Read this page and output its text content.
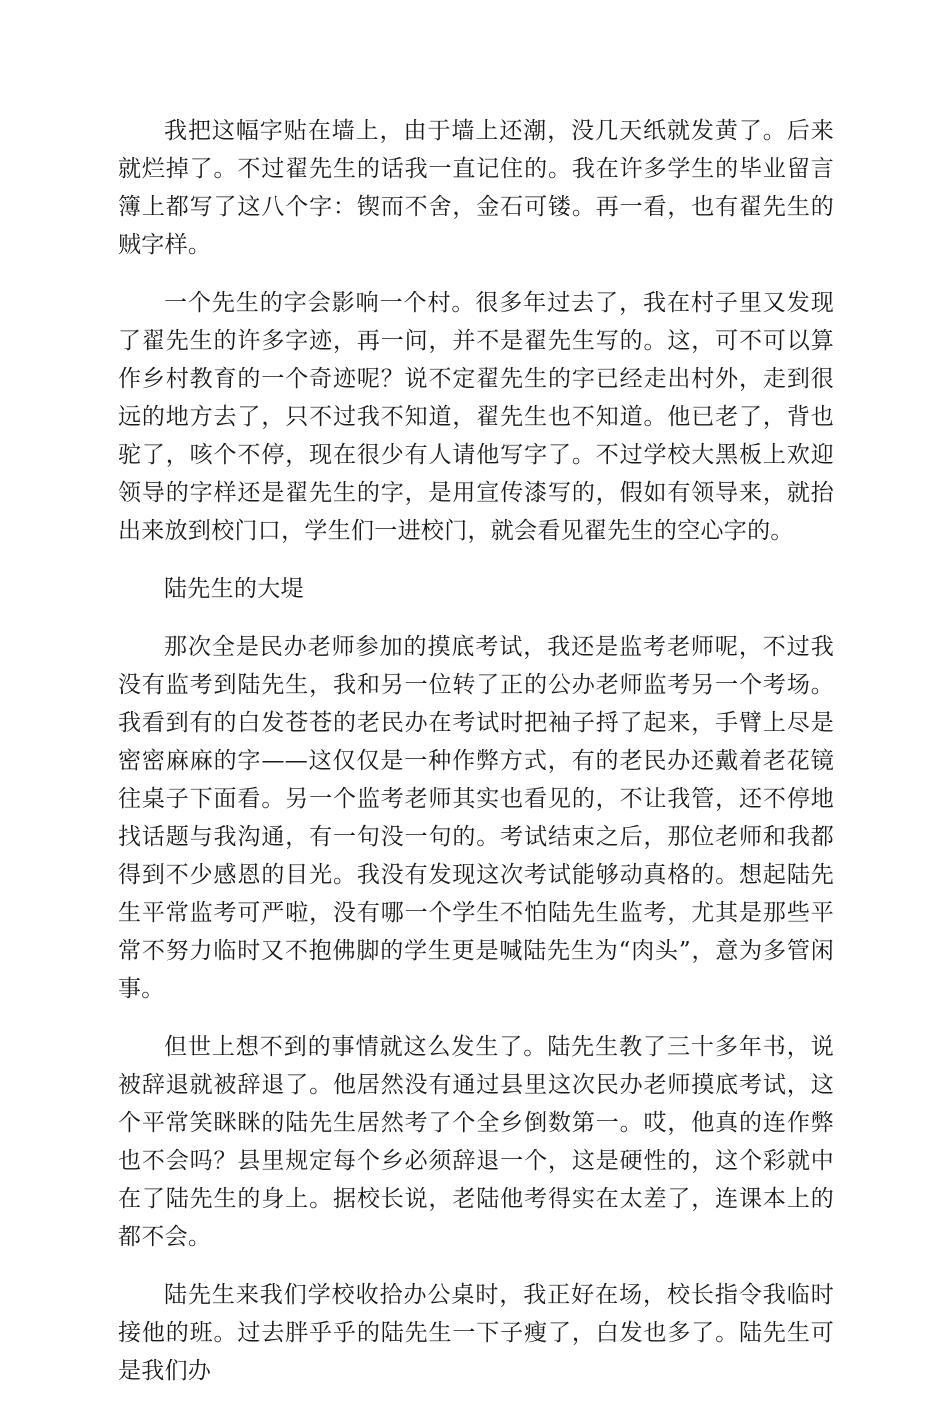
我把这幅字贴在墙上，由于墙上还潮，没几天纸就发黄了。后来就烂掉了。不过翟先生的话我一直记住的。我在许多学生的毕业留言簿上都写了这八个字：锲而不舍，金石可镂。再一看，也有翟先生的贼字样。

一个先生的字会影响一个村。很多年过去了，我在村子里又发现了翟先生的许多字迹，再一问，并不是翟先生写的。这，可不可以算作乡村教育的一个奇迹呢？说不定翟先生的字已经走出村外，走到很远的地方去了，只不过我不知道，翟先生也不知道。他已老了，背也驼了，咳个不停，现在很少有人请他写字了。不过学校大黑板上欢迎领导的字样还是翟先生的字，是用宣传漆写的，假如有领导来，就抬出来放到校门口，学生们一进校门，就会看见翟先生的空心字的。

陆先生的大堤

那次全是民办老师参加的摸底考试，我还是监考老师呢，不过我没有监考到陆先生，我和另一位转了正的公办老师监考另一个考场。我看到有的白发苍苍的老民办在考试时把袖子捋了起来，手臂上尽是密密麻麻的字——这仅仅是一种作弊方式，有的老民办还戴着老花镜往桌子下面看。另一个监考老师其实也看见的，不让我管，还不停地找话题与我沟通，有一句没一句的。考试结束之后，那位老师和我都得到不少感恩的目光。我没有发现这次考试能够动真格的。想起陆先生平常监考可严啦，没有哪一个学生不怕陆先生监考，尤其是那些平常不努力临时又不抱佛脚的学生更是喊陆先生为“肉头”，意为多管闲事。

但世上想不到的事情就这么发生了。陆先生教了三十多年书，说被辞退就被辞退了。他居然没有通过县里这次民办老师摸底考试，这个平常笑眯眯的陆先生居然考了个全乡倒数第一。哎，他真的连作弊也不会吗？县里规定每个乡必须辞退一个，这是硬性的，这个彩就中在了陆先生的身上。据校长说，老陆他考得实在太差了，连课本上的都不会。

陆先生来我们学校收拾办公桌时，我正好在场，校长指令我临时接他的班。过去胖乎乎的陆先生一下子瘦了，白发也多了。陆先生可是我们办
